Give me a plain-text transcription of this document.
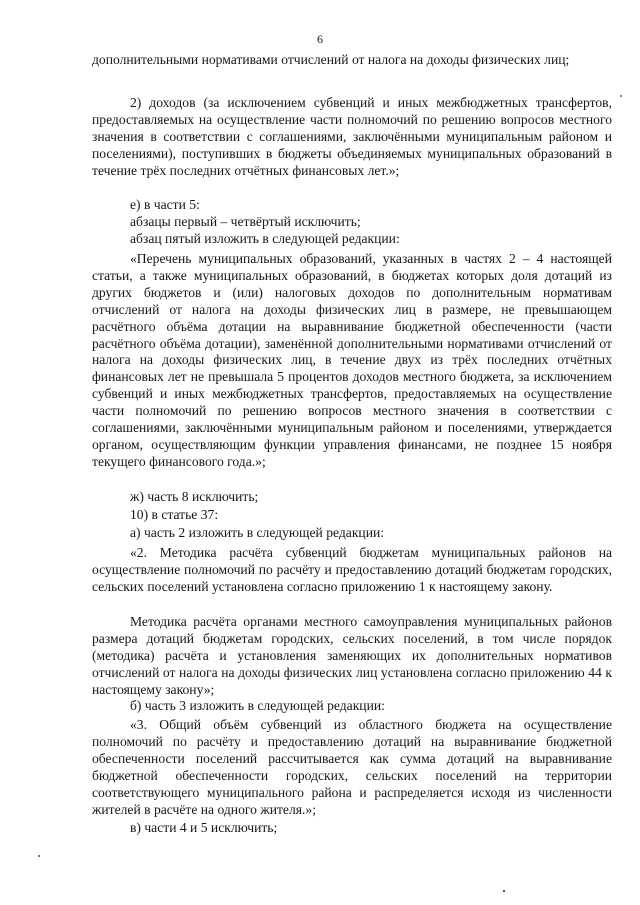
6
дополнительными нормативами отчислений от налога на доходы физических лиц;
2) доходов (за исключением субвенций и иных межбюджетных трансфертов, предоставляемых на осуществление части полномочий по решению вопросов местного значения в соответствии с соглашениями, заключёнными муниципальным районом и поселениями), поступивших в бюджеты объединяемых муниципальных образований в течение трёх последних отчётных финансовых лет.»;
е) в части 5:
абзацы первый – четвёртый исключить;
абзац пятый изложить в следующей редакции:
«Перечень муниципальных образований, указанных в частях 2 – 4 настоящей статьи, а также муниципальных образований, в бюджетах которых доля дотаций из других бюджетов и (или) налоговых доходов по дополнительным нормативам отчислений от налога на доходы физических лиц в размере, не превышающем расчётного объёма дотации на выравнивание бюджетной обеспеченности (части расчётного объёма дотации), заменённой дополнительными нормативами отчислений от налога на доходы физических лиц, в течение двух из трёх последних отчётных финансовых лет не превышала 5 процентов доходов местного бюджета, за исключением субвенций и иных межбюджетных трансфертов, предоставляемых на осуществление части полномочий по решению вопросов местного значения в соответствии с соглашениями, заключёнными муниципальным районом и поселениями, утверждается органом, осуществляющим функции управления финансами, не позднее 15 ноября текущего финансового года.»;
ж) часть 8 исключить;
10) в статье 37:
а) часть 2 изложить в следующей редакции:
«2. Методика расчёта субвенций бюджетам муниципальных районов на осуществление полномочий по расчёту и предоставлению дотаций бюджетам городских, сельских поселений установлена согласно приложению 1 к настоящему закону.
Методика расчёта органами местного самоуправления муниципальных районов размера дотаций бюджетам городских, сельских поселений, в том числе порядок (методика) расчёта и установления заменяющих их дополнительных нормативов отчислений от налога на доходы физических лиц установлена согласно приложению 44 к настоящему закону»;
б) часть 3 изложить в следующей редакции:
«3. Общий объём субвенций из областного бюджета на осуществление полномочий по расчёту и предоставлению дотаций на выравнивание бюджетной обеспеченности поселений рассчитывается как сумма дотаций на выравнивание бюджетной обеспеченности городских, сельских поселений на территории соответствующего муниципального района и распределяется исходя из численности жителей в расчёте на одного жителя.»;
в) части 4 и 5 исключить;
